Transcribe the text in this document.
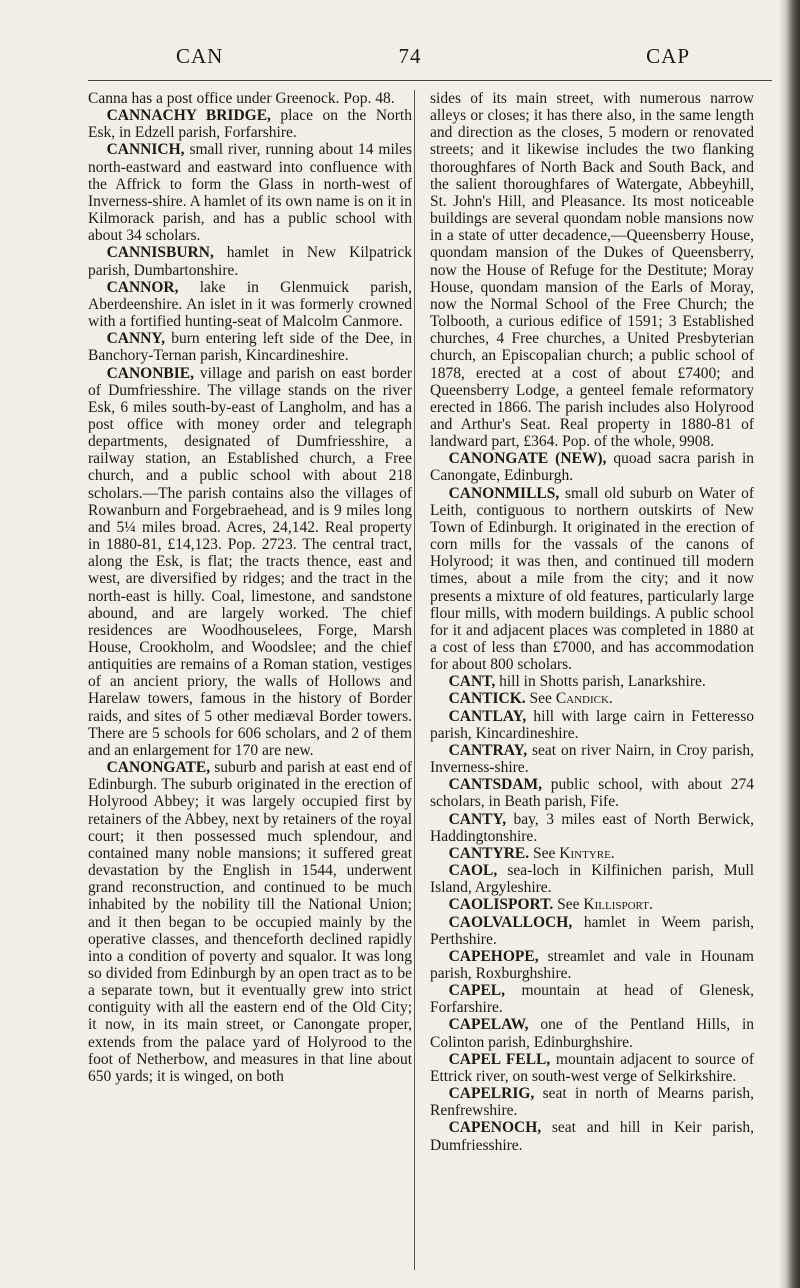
CAN	74	CAP

Canna has a post office under Greenock. Pop. 48.

CANNACHY BRIDGE, place on the North Esk, in Edzell parish, Forfarshire.

CANNICH, small river, running about 14 miles north-eastward and eastward into confluence with the Affrick to form the Glass in north-west of Inverness-shire. A hamlet of its own name is on it in Kilmorack parish, and has a public school with about 34 scholars.

CANNISBURN, hamlet in New Kilpatrick parish, Dumbartonshire.

CANNOR, lake in Glenmuick parish, Aberdeenshire. An islet in it was formerly crowned with a fortified hunting-seat of Malcolm Canmore.

CANNY, burn entering left side of the Dee, in Banchory-Ternan parish, Kincardineshire.

CANONBIE, village and parish on east border of Dumfriesshire. The village stands on the river Esk, 6 miles south-by-east of Langholm, and has a post office with money order and telegraph departments, designated of Dumfriesshire, a railway station, an Established church, a Free church, and a public school with about 218 scholars.—The parish contains also the villages of Rowanburn and Forgebraehead, and is 9 miles long and 5¼ miles broad. Acres, 24,142. Real property in 1880-81, £14,123. Pop. 2723. The central tract, along the Esk, is flat; the tracts thence, east and west, are diversified by ridges; and the tract in the north-east is hilly. Coal, limestone, and sandstone abound, and are largely worked. The chief residences are Woodhouselees, Forge, Marsh House, Crookholm, and Woodslee; and the chief antiquities are remains of a Roman station, vestiges of an ancient priory, the walls of Hollows and Harelaw towers, famous in the history of Border raids, and sites of 5 other mediæval Border towers. There are 5 schools for 606 scholars, and 2 of them and an enlargement for 170 are new.

CANONGATE, suburb and parish at east end of Edinburgh. The suburb originated in the erection of Holyrood Abbey; it was largely occupied first by retainers of the Abbey, next by retainers of the royal court; it then possessed much splendour, and contained many noble mansions; it suffered great devastation by the English in 1544, underwent grand reconstruction, and continued to be much inhabited by the nobility till the National Union; and it then began to be occupied mainly by the operative classes, and thenceforth declined rapidly into a condition of poverty and squalor. It was long so divided from Edinburgh by an open tract as to be a separate town, but it eventually grew into strict contiguity with all the eastern end of the Old City; it now, in its main street, or Canongate proper, extends from the palace yard of Holyrood to the foot of Netherbow, and measures in that line about 650 yards; it is winged, on both

sides of its main street, with numerous narrow alleys or closes; it has there also, in the same length and direction as the closes, 5 modern or renovated streets; and it likewise includes the two flanking thoroughfares of North Back and South Back, and the salient thoroughfares of Watergate, Abbeyhill, St. John's Hill, and Pleasance. Its most noticeable buildings are several quondam noble mansions now in a state of utter decadence,—Queensberry House, quondam mansion of the Dukes of Queensberry, now the House of Refuge for the Destitute; Moray House, quondam mansion of the Earls of Moray, now the Normal School of the Free Church; the Tolbooth, a curious edifice of 1591; 3 Established churches, 4 Free churches, a United Presbyterian church, an Episcopalian church; a public school of 1878, erected at a cost of about £7400; and Queensberry Lodge, a genteel female reformatory erected in 1866. The parish includes also Holyrood and Arthur's Seat. Real property in 1880-81 of landward part, £364. Pop. of the whole, 9908.

CANONGATE (NEW), quoad sacra parish in Canongate, Edinburgh.

CANONMILLS, small old suburb on Water of Leith, contiguous to northern outskirts of New Town of Edinburgh. It originated in the erection of corn mills for the vassals of the canons of Holyrood; it was then, and continued till modern times, about a mile from the city; and it now presents a mixture of old features, particularly large flour mills, with modern buildings. A public school for it and adjacent places was completed in 1880 at a cost of less than £7000, and has accommodation for about 800 scholars.

CANT, hill in Shotts parish, Lanarkshire.

CANTICK. See Candick.

CANTLAY, hill with large cairn in Fetteresso parish, Kincardineshire.

CANTRAY, seat on river Nairn, in Croy parish, Inverness-shire.

CANTSDAM, public school, with about 274 scholars, in Beath parish, Fife.

CANTY, bay, 3 miles east of North Berwick, Haddingtonshire.

CANTYRE. See Kintyre.

CAOL, sea-loch in Kilfinichen parish, Mull Island, Argyleshire.

CAOLISPORT. See Killisport.

CAOLVALLOCH, hamlet in Weem parish, Perthshire.

CAPEHOPE, streamlet and vale in Hounam parish, Roxburghshire.

CAPEL, mountain at head of Glenesk, Forfarshire.

CAPELAW, one of the Pentland Hills, in Colinton parish, Edinburghshire.

CAPEL FELL, mountain adjacent to source of Ettrick river, on south-west verge of Selkirkshire.

CAPELRIG, seat in north of Mearns parish, Renfrewshire.

CAPENOCH, seat and hill in Keir parish, Dumfriesshire.
